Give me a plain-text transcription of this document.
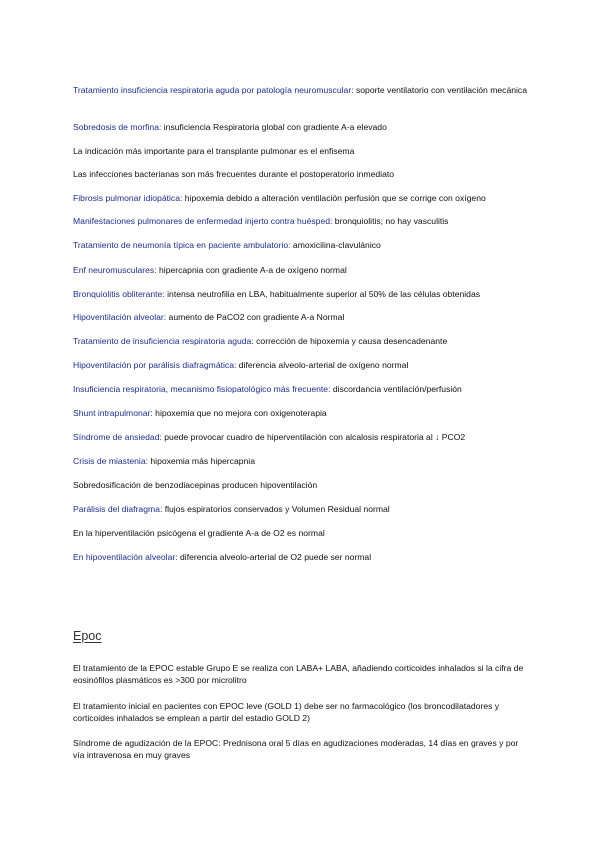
Tratamiento insuficiencia respiratoria aguda por patología neuromuscular: soporte ventilatorio con ventilación mecánica
Sobredosis de morfina: insuficiencia Respiratoria global con gradiente A-a elevado
La indicación más importante para el transplante pulmonar es el enfisema
Las infecciones bacterianas son más frecuentes durante el postoperatorio inmediato
Fibrosis pulmonar idiopática: hipoxemia debido a alteración ventilación perfusión que se corrige con oxígeno
Manifestaciones pulmonares de enfermedad injerto contra huésped: bronquiolitis; no hay vasculitis
Tratamiento de neumonía típica en paciente ambulatorio: amoxicilina-clavulánico
Enf neuromusculares: hipercapnia con gradiente A-a de oxígeno normal
Bronquiolitis obliterante: intensa neutrofilia en LBA, habitualmente superior al 50% de las células obtenidas
Hipoventilación alveolar: aumento de PaCO2 con gradiente A-a Normal
Tratamiento de insuficiencia respiratoria aguda: corrección de hipoxemia y causa desencadenante
Hipoventilación por parálisis diafragmática: diferencia alveolo-arterial de oxígeno normal
Insuficiencia respiratoria, mecanismo fisiopatológico más frecuente: discordancia ventilación/perfusión
Shunt intrapulmonar: hipoxemia que no mejora con oxigenoterapia
Síndrome de ansiedad: puede provocar cuadro de hiperventilación con alcalosis respiratoria al ↓ PCO2
Crisis de miastenia: hipoxemia más hipercapnia
Sobredosificación de benzodiacepinas producen hipoventilación
Parálisis del diafragma: flujos espiratorios conservados y Volumen Residual normal
En la hiperventilación psicógena el gradiente A-a de O2 es normal
En hipoventilación alveolar: diferencia alveolo-arterial de O2 puede ser normal
Epoc
El tratamiento de la EPOC estable Grupo E se realiza con LABA+ LABA, añadiendo corticoides inhalados si la cifra de eosinófilos plasmáticos es >300 por microlitro
El tratamiento inicial en pacientes con EPOC leve (GOLD 1) debe ser no farmacológico (los broncodilatadores y corticoides inhalados se emplean a partir del estadio GOLD 2)
Síndrome de agudización de la EPOC: Prednisona oral 5 días en agudizaciones moderadas, 14 días en graves y por vía intravenosa en muy graves
